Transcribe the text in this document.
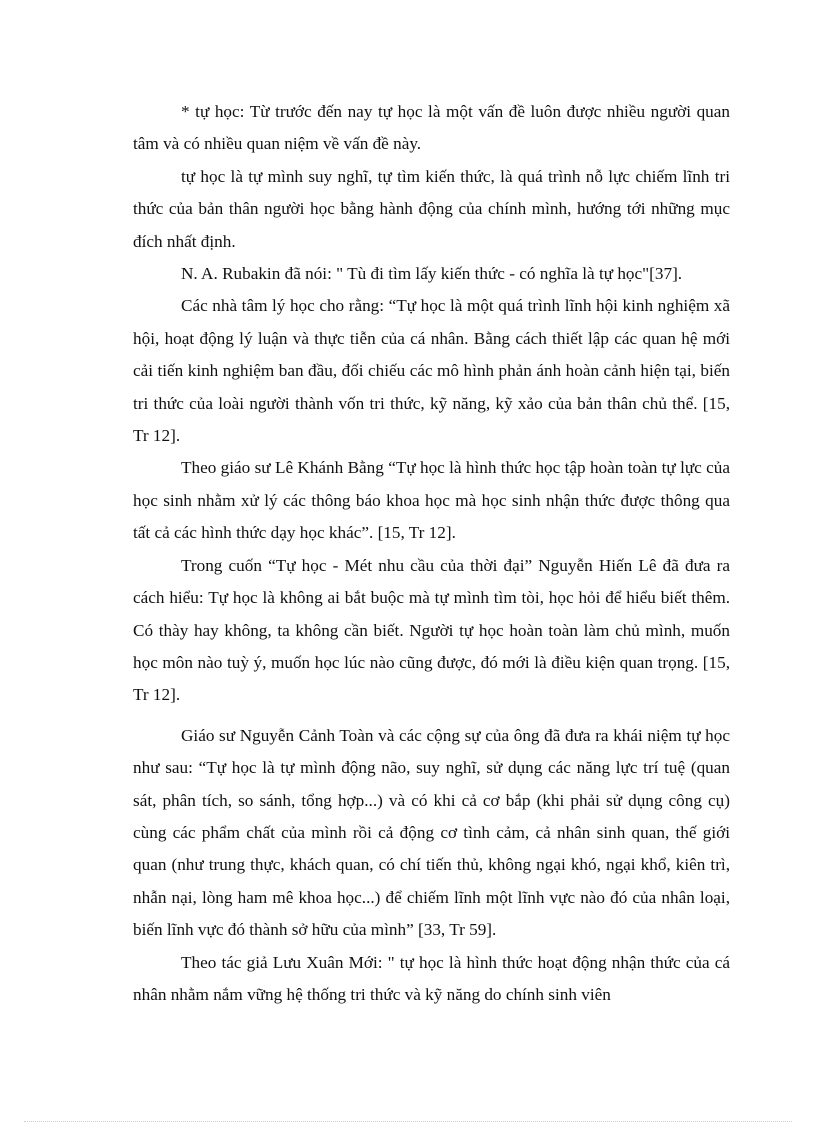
* tự học: Từ trước đến nay tự học là một vấn đề luôn được nhiều người quan tâm và có nhiều quan niệm về vấn đề này.

tự học là tự mình suy nghĩ, tự tìm kiến thức, là quá trình nỗ lực chiếm lĩnh tri thức của bản thân người học bằng hành động của chính mình, hướng tới những mục đích nhất định.

N. A. Rubakin đã nói: " Tù đi tìm lấy kiến thức - có nghĩa là tự học"[37].

Các nhà tâm lý học cho rằng: “Tự học là một quá trình lĩnh hội kinh nghiệm xã hội, hoạt động lý luận và thực tiễn của cá nhân. Bằng cách thiết lập các quan hệ mới cải tiến kinh nghiệm ban đầu, đối chiếu các mô hình phản ánh hoàn cảnh hiện tại, biến tri thức của loài người thành vốn tri thức, kỹ năng, kỹ xảo của bản thân chủ thể. [15, Tr 12].

Theo giáo sư Lê Khánh Bằng “Tự học là hình thức học tập hoàn toàn tự lực của học sinh nhằm xử lý các thông báo khoa học mà học sinh nhận thức được thông qua tất cả các hình thức dạy học khác”. [15, Tr 12].

Trong cuốn “Tự học - Mét nhu cầu của thời đại” Nguyễn Hiến Lê đã đưa ra cách hiểu: Tự học là không ai bắt buộc mà tự mình tìm tòi, học hỏi để hiểu biết thêm. Có thày hay không, ta không cần biết. Người tự học hoàn toàn làm chủ mình, muốn học môn nào tuỳ ý, muốn học lúc nào cũng được, đó mới là điều kiện quan trọng. [15, Tr 12].

Giáo sư Nguyễn Cảnh Toàn và các cộng sự của ông đã đưa ra khái niệm tự học như sau: “Tự học là tự mình động não, suy nghĩ, sử dụng các năng lực trí tuệ (quan sát, phân tích, so sánh, tổng hợp...) và có khi cả cơ bắp (khi phải sử dụng công cụ) cùng các phẩm chất của mình rồi cả động cơ tình cảm, cả nhân sinh quan, thế giới quan (như trung thực, khách quan, có chí tiến thủ, không ngại khó, ngại khổ, kiên trì, nhẫn nại, lòng ham mê khoa học...) để chiếm lĩnh một lĩnh vực nào đó của nhân loại, biến lĩnh vực đó thành sở hữu của mình” [33, Tr 59].

Theo tác giả Lưu Xuân Mới: " tự học là hình thức hoạt động nhận thức của cá nhân nhằm nắm vững hệ thống tri thức và kỹ năng do chính sinh viên
